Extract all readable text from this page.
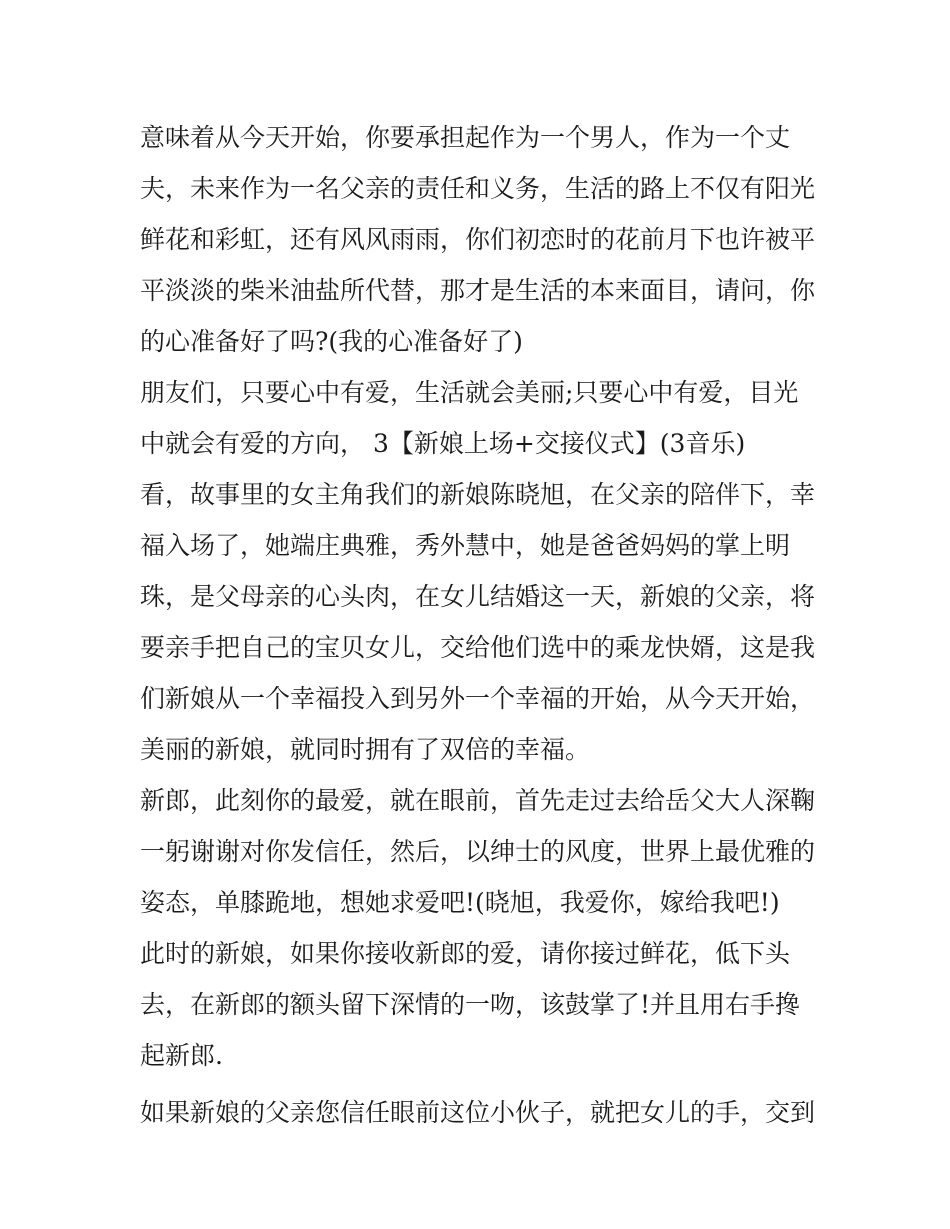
意味着从今天开始，你要承担起作为一个男人，作为一个丈夫，未来作为一名父亲的责任和义务，生活的路上不仅有阳光鲜花和彩虹，还有风风雨雨，你们初恋时的花前月下也许被平平淡淡的柴米油盐所代替，那才是生活的本来面目，请问，你的心准备好了吗?(我的心准备好了)

朋友们，只要心中有爱，生活就会美丽;只要心中有爱，目光中就会有爱的方向， 3【新娘上场+交接仪式】(3音乐)

看，故事里的女主角我们的新娘陈晓旭，在父亲的陪伴下，幸福入场了，她端庄典雅，秀外慧中，她是爸爸妈妈的掌上明珠，是父母亲的心头肉，在女儿结婚这一天，新娘的父亲，将要亲手把自己的宝贝女儿，交给他们选中的乘龙快婿，这是我们新娘从一个幸福投入到另外一个幸福的开始，从今天开始，美丽的新娘，就同时拥有了双倍的幸福。

新郎，此刻你的最爱，就在眼前，首先走过去给岳父大人深鞠一躬谢谢对你发信任，然后，以绅士的风度，世界上最优雅的姿态，单膝跪地，想她求爱吧!(晓旭，我爱你，嫁给我吧!)

此时的新娘，如果你接收新郎的爱，请你接过鲜花，低下头去，在新郎的额头留下深情的一吻，该鼓掌了!并且用右手搀起新郎.

如果新娘的父亲您信任眼前这位小伙子，就把女儿的手，交到
